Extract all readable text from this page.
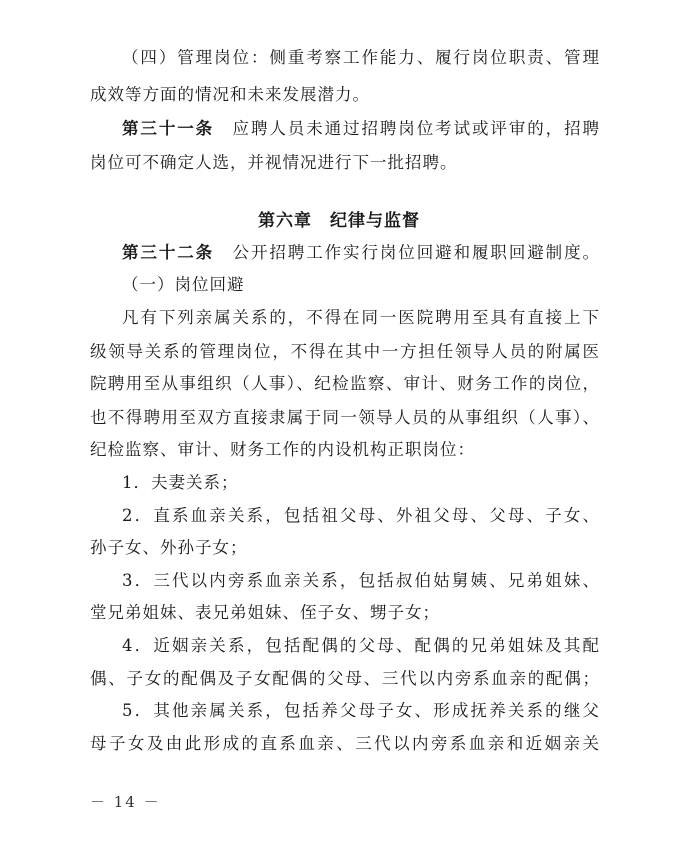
（四）管理岗位：侧重考察工作能力、履行岗位职责、管理
成效等方面的情况和未来发展潜力。
第三十一条　 应聘人员未通过招聘岗位考试或评审的，招聘
岗位可不确定人选，并视情况进行下一批招聘。
第六章　纪律与监督
第三十二条　 公开招聘工作实行岗位回避和履职回避制度。
（一）岗位回避
凡有下列亲属关系的，不得在同一医院聘用至具有直接上下
级领导关系的管理岗位，不得在其中一方担任领导人员的附属医
院聘用至从事组织（人事）、纪检监察、审计、财务工作的岗位，
也不得聘用至双方直接隶属于同一领导人员的从事组织（人事）、
纪检监察、审计、财务工作的内设机构正职岗位：
1．夫妻关系；
2．直系血亲关系，包括祖父母、外祖父母、父母、子女、
孙子女、外孙子女；
3．三代以内旁系血亲关系，包括叔伯姑舅姨、兄弟姐妹、
堂兄弟姐妹、表兄弟姐妹、侄子女、甥子女；
4．近姻亲关系，包括配偶的父母、配偶的兄弟姐妹及其配
偶、子女的配偶及子女配偶的父母、三代以内旁系血亲的配偶；
5．其他亲属关系，包括养父母子女、形成抚养关系的继父
母子女及由此形成的直系血亲、三代以内旁系血亲和近姻亲关
－ 14 －
